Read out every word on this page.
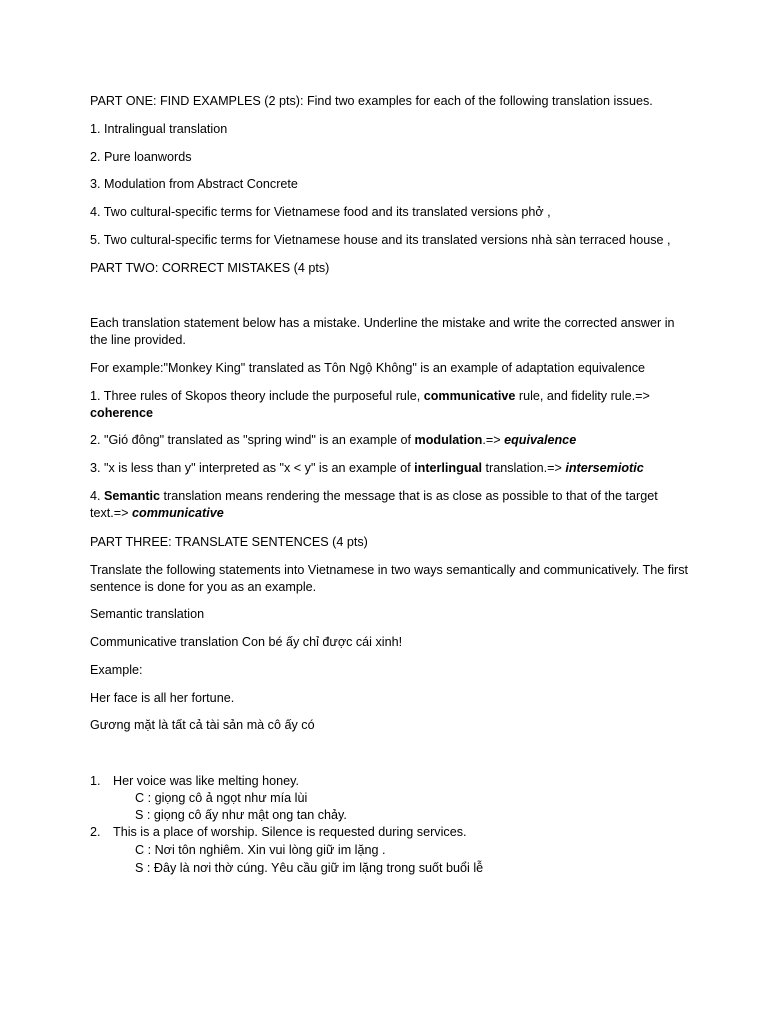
PART ONE: FIND EXAMPLES (2 pts): Find two examples for each of the following translation issues.

1. Intralingual translation

2. Pure loanwords

3. Modulation from Abstract Concrete

4. Two cultural-specific terms for Vietnamese food and its translated versions phở ,

5. Two cultural-specific terms for Vietnamese house and its translated versions nhà sàn terraced house ,

PART TWO: CORRECT MISTAKES (4 pts)

Each translation statement below has a mistake. Underline the mistake and write the corrected answer in the line provided.

For example:"Monkey King" translated as Tôn Ngộ Không" is an example of adaptation equivalence

1. Three rules of Skopos theory include the purposeful rule, communicative rule, and fidelity rule.=> coherence

2. "Gió đông" translated as "spring wind" is an example of modulation.=> equivalence

3. "x is less than y" interpreted as "x < y" is an example of interlingual translation.=> intersemiotic

4. Semantic translation means rendering the message that is as close as possible to that of the target text.=> communicative

PART THREE: TRANSLATE SENTENCES (4 pts)

Translate the following statements into Vietnamese in two ways semantically and communicatively. The first sentence is done for you as an example.

Semantic translation

Communicative translation Con bé ấy chỉ được cái xinh!

Example:

Her face is all her fortune.

Gương mặt là tất cả tài sản mà cô ấy có

1. Her voice was like melting honey.
C : giọng cô ả ngọt như mía lùi
S : giọng cô ấy như mật ong tan chảy.
2. This is a place of worship. Silence is requested during services.
C : Nơi tôn nghiêm. Xin vui lòng giữ im lặng .
S : Đây là nơi thờ cúng. Yêu cầu giữ im lặng trong suốt buổi lễ
